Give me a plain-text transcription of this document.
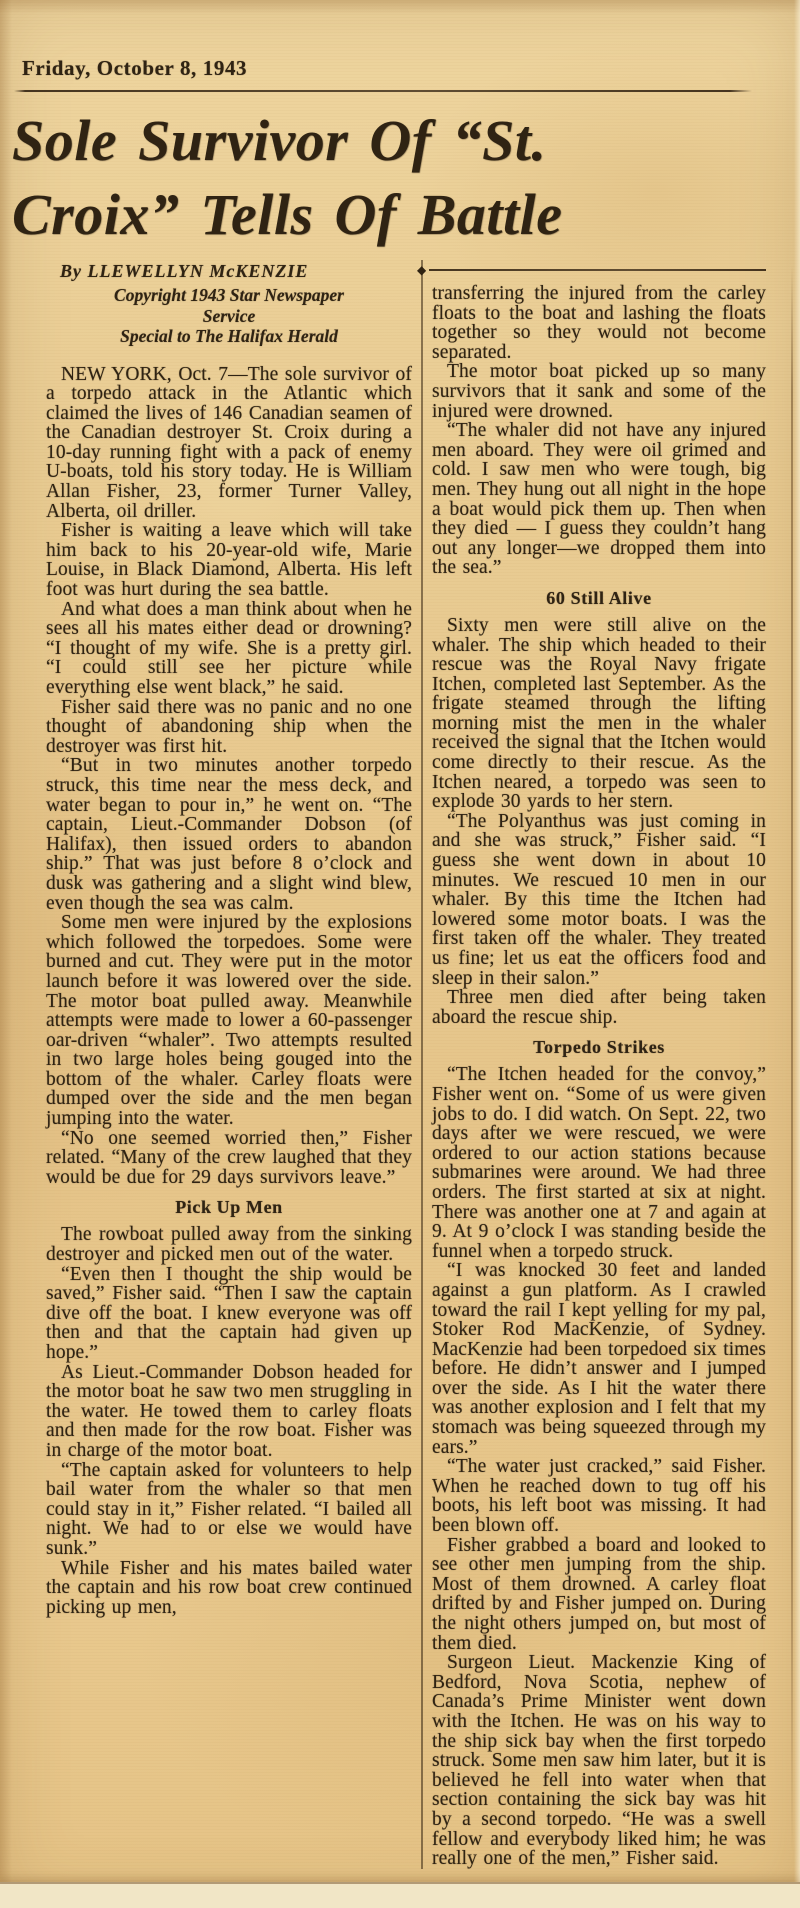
Friday, October 8, 1943
Sole Survivor Of “St.
Croix” Tells Of Battle

By LLEWELLYN McKENZIE

Copyright 1943 Star Newspaper Service

Special to The Halifax Herald

NEW YORK, Oct. 7—The sole survivor of a torpedo attack in the Atlantic which claimed the lives of 146 Canadian seamen of the Canadian destroyer St. Croix during a 10-day running fight with a pack of enemy U-boats, told his story today. He is William Allan Fisher, 23, former Turner Valley, Alberta, oil driller.

Fisher is waiting a leave which will take him back to his 20-year-old wife, Marie Louise, in Black Diamond, Alberta. His left foot was hurt during the sea battle.

And what does a man think about when he sees all his mates either dead or drowning? “I thought of my wife. She is a pretty girl. “I could still see her picture while everything else went black,” he said.

Fisher said there was no panic and no one thought of abandoning ship when the destroyer was first hit.

“But in two minutes another torpedo struck, this time near the mess deck, and water began to pour in,” he went on. “The captain, Lieut.-Commander Dobson (of Halifax), then issued orders to abandon ship.” That was just before 8 o’clock and dusk was gathering and a slight wind blew, even though the sea was calm.

Some men were injured by the explosions which followed the torpedoes. Some were burned and cut. They were put in the motor launch before it was lowered over the side. The motor boat pulled away. Meanwhile attempts were made to lower a 60-passenger oar-driven “whaler”. Two attempts resulted in two large holes being gouged into the bottom of the whaler. Carley floats were dumped over the side and the men began jumping into the water.

“No one seemed worried then,” Fisher related. “Many of the crew laughed that they would be due for 29 days survivors leave.”

Pick Up Men

The rowboat pulled away from the sinking destroyer and picked men out of the water.

“Even then I thought the ship would be saved,” Fisher said. “Then I saw the captain dive off the boat. I knew everyone was off then and that the captain had given up hope.”

As Lieut.-Commander Dobson headed for the motor boat he saw two men struggling in the water. He towed them to carley floats and then made for the row boat. Fisher was in charge of the motor boat.

“The captain asked for volunteers to help bail water from the whaler so that men could stay in it,” Fisher related. “I bailed all night. We had to or else we would have sunk.”

While Fisher and his mates bailed water the captain and his row boat crew continued picking up men,

◆

transferring the injured from the carley floats to the boat and lashing the floats together so they would not become separated.

The motor boat picked up so many survivors that it sank and some of the injured were drowned.

“The whaler did not have any injured men aboard. They were oil grimed and cold. I saw men who were tough, big men. They hung out all night in the hope a boat would pick them up. Then when they died — I guess they couldn’t hang out any longer—we dropped them into the sea.”

60 Still Alive

Sixty men were still alive on the whaler. The ship which headed to their rescue was the Royal Navy frigate Itchen, completed last September. As the frigate steamed through the lifting morning mist the men in the whaler received the signal that the Itchen would come directly to their rescue. As the Itchen neared, a torpedo was seen to explode 30 yards to her stern.

“The Polyanthus was just coming in and she was struck,” Fisher said. “I guess she went down in about 10 minutes. We rescued 10 men in our whaler. By this time the Itchen had lowered some motor boats. I was the first taken off the whaler. They treated us fine; let us eat the officers food and sleep in their salon.”

Three men died after being taken aboard the rescue ship.

Torpedo Strikes

“The Itchen headed for the convoy,” Fisher went on. “Some of us were given jobs to do. I did watch. On Sept. 22, two days after we were rescued, we were ordered to our action stations because submarines were around. We had three orders. The first started at six at night. There was another one at 7 and again at 9. At 9 o’clock I was standing beside the funnel when a torpedo struck.

“I was knocked 30 feet and landed against a gun platform. As I crawled toward the rail I kept yelling for my pal, Stoker Rod MacKenzie, of Sydney. MacKenzie had been torpedoed six times before. He didn’t answer and I jumped over the side. As I hit the water there was another explosion and I felt that my stomach was being squeezed through my ears.”

“The water just cracked,” said Fisher. When he reached down to tug off his boots, his left boot was missing. It had been blown off.

Fisher grabbed a board and looked to see other men jumping from the ship. Most of them drowned. A carley float drifted by and Fisher jumped on. During the night others jumped on, but most of them died.

Surgeon Lieut. Mackenzie King of Bedford, Nova Scotia, nephew of Canada’s Prime Minister went down with the Itchen. He was on his way to the ship sick bay when the first torpedo struck. Some men saw him later, but it is believed he fell into water when that section containing the sick bay was hit by a second torpedo. “He was a swell fellow and everybody liked him; he was really one of the men,” Fisher said.
